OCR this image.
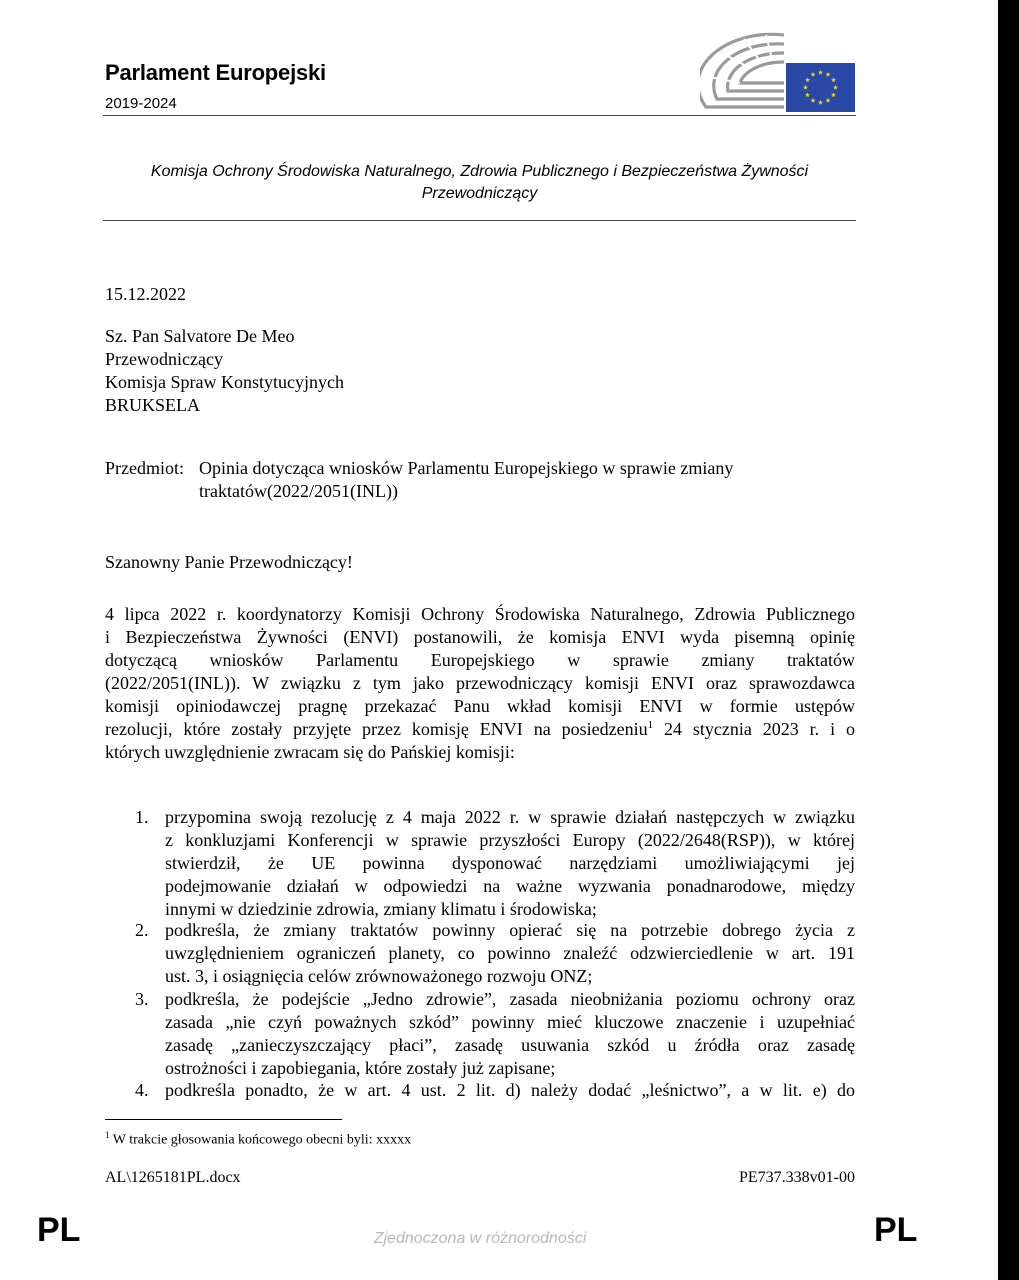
Parlament Europejski
2019-2024
Komisja Ochrony Środowiska Naturalnego, Zdrowia Publicznego i Bezpieczeństwa Żywności
Przewodniczący
15.12.2022
Sz. Pan Salvatore De Meo
Przewodniczący
Komisja Spraw Konstytucyjnych
BRUKSELA
Przedmiot: Opinia dotycząca wniosków Parlamentu Europejskiego w sprawie zmiany
traktatów(2022/2051(INL))
Szanowny Panie Przewodniczący!
4 lipca 2022 r. koordynatorzy Komisji Ochrony Środowiska Naturalnego, Zdrowia Publicznego
i Bezpieczeństwa Żywności (ENVI) postanowili, że komisja ENVI wyda pisemną opinię
dotyczącą wniosków Parlamentu Europejskiego w sprawie zmiany traktatów
(2022/2051(INL)). W związku z tym jako przewodniczący komisji ENVI oraz sprawozdawca
komisji opiniodawczej pragnę przekazać Panu wkład komisji ENVI w formie ustępów
rezolucji, które zostały przyjęte przez komisję ENVI na posiedzeniu$^1$ 24 stycznia 2023 r. i o
których uwzględnienie zwracam się do Pańskiej komisji:
1. przypomina swoją rezolucję z 4 maja 2022 r. w sprawie działań następczych w związku
z konkluzjami Konferencji w sprawie przyszłości Europy (2022/2648(RSP)), w której
stwierdził, że UE powinna dysponować narzędziami umożliwiającymi jej
podejmowanie działań w odpowiedzi na ważne wyzwania ponadnarodowe, między
innymi w dziedzinie zdrowia, zmiany klimatu i środowiska;
2. podkreśla, że zmiany traktatów powinny opierać się na potrzebie dobrego życia z
uwzględnieniem ograniczeń planety, co powinno znaleźć odzwierciedlenie w art. 191
ust. 3, i osiągnięcia celów zrównoważonego rozwoju ONZ;
3. podkreśla, że podejście „Jedno zdrowie”, zasada nieobniżania poziomu ochrony oraz
zasada „nie czyń poważnych szkód” powinny mieć kluczowe znaczenie i uzupełniać
zasadę „zanieczyszczający płaci”, zasadę usuwania szkód u źródła oraz zasadę
ostrożności i zapobiegania, które zostały już zapisane;
4. podkreśla ponadto, że w art. 4 ust. 2 lit. d) należy dodać „leśnictwo”, a w lit. e) do
$^1$ W trakcie głosowania końcowego obecni byli: xxxxx
AL\1265181PL.docx	PE737.338v01-00
PL	PL
Zjednoczona w różnorodności
